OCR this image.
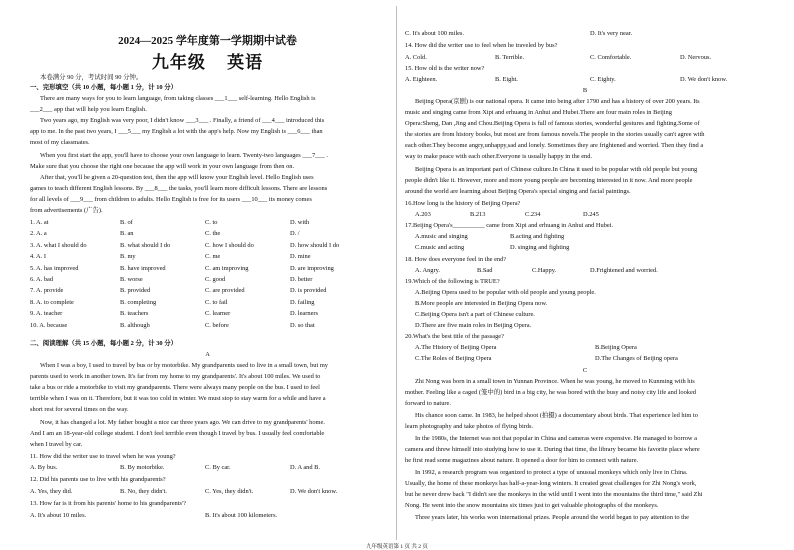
2024—2025 学年度第一学期期中试卷
九年级 英语
本卷满分 90 分，考试时间 90 分钟。
一、完形填空（共 10 小题，每小题 1 分，计 10 分）
There are many ways for you to learn language, from taking classes ___1___ self-learning. Hello English is
___2___ app that will help you learn English.
Two years ago, my English was very poor, I didn't know ___3___ . Finally, a friend of ___4___ introduced this
app to me. In the past two years, I ___5___ my English a lot with the app's help. Now my English is ___6___ than
most of my classmates.
When you first start the app, you'll have to choose your own language to learn. Twenty-two languages ___7___ .
Make sure that you choose the right one because the app will work in your own language from then on.
After that, you'll be given a 20-question test, then the app will know your English level. Hello English uses
games to teach different English lessons. By ___8___ the tasks, you'll learn more difficult lessons. There are lessons
for all levels of ___9___ from children to adults. Hello English is free for its users ___10___ its money comes
from advertisements (广告).
1. A. at	B. of	C. to	D. with
2. A. a	B. an	C. the	D. /
3. A. what I should do	B. what should I do	C. how I should do	D. how should I do
4. A. I	B. my	C. me	D. mine
5. A. has improved	B. have improved	C. am improving	D. are improving
6. A. bad	B. worse	C. good	D. better
7. A. provide	B. provided	C. are provided	D. is provided
8. A. to complete	B. completing	C. to fail	D. failing
9. A. teacher	B. teachers	C. learner	D. learners
10. A. because	B. although	C. before	D. so that
二、阅读理解（共 15 小题，每小题 2 分，计 30 分）
A
When I was a boy, I used to travel by bus or by motorbike. My grandparents used to live in a small town, but my
parents used to work in another town. It's far from my home to my grandparents'. It's about 100 miles. We used to
take a bus or ride a motorbike to visit my grandparents. There were always many people on the bus. I used to feel
terrible when I was on it. Therefore, but it was too cold in winter. We must stop to stay warm for a while and have a
short rest for several times on the way.
Now, it has changed a lot. My father bought a nice car three years ago. We can drive to my grandparents' home.
And I am an 18-year-old college student. I don't feel terrible even though I travel by bus. I usually feel comfortable
when I travel by car.
11. How did the writer use to travel when he was young?
A. By bus.	B. By motorbike.	C. By car.	D. A and B.
12. Did his parents use to live with his grandparents?
A. Yes, they did.	B. No, they didn't.	C. Yes, they didn't.	D. We don't know.
13. How far is it from his parents' home to his grandparents'?
A. It's about 10 miles.	B. It's about 100 kilometers.
C. It's about 100 miles.	D. It's very near.
14. How did the writer use to feel when he traveled by bus?
A. Cold.	B. Terrible.	C. Comfortable.	D. Nervous.
15. How old is the writer now?
A. Eighteen.	B. Eight.	C. Eighty.	D. We don't know.
B
Beijing Opera(京剧) is our national opera. It came into being after 1790 and has a history of over 200 years. Its
music and singing came from Xipi and erhuang in Anhui and Hubei.There are four main roles in Beijing
Opera:Sheng, Dan ,Jing and Chou.Beijing Opera is full of famous stories, wonderful gestures and fighting.Some of
the stories are from history books, but most are from famous novels.The people in the stories usually can't agree with
each other.They become angry,unhappy,sad and lonely. Sometimes they are frightened and worried. Then they find a
way to make peace with each other.Everyone is usually happy in the end.
Beijing Opera is an important part of Chinese culture.In China it used to be popular with old people but young
people didn't like it. However, more and more young people are becoming interested in it now. And more people
around the world are learning about Beijing Opera's special singing and facial paintings.
16.How long is the history of Beijing Opera?
A.203	B.213	C.234	D.245
17.Beijing Opera's__________ came from Xipi and erhuang in Anhui and Hubei.
A.music and singing	B.acting and fighting
C.music and acting	D. singing and fighting
18. How does everyone feel in the end?
A. Angry.	B.Sad	C.Happy.	D.Frightened and worried.
19.Which of the following is TRUE?
A.Beijing Opera used to be popular with old people and young people.
B.More people are interested in Beijing Opera now.
C.Beijing Opera isn't a part of Chinese culture.
D.There are five main roles in Beijing Opera.
20.What's the best title of the passage?
A.The History of Beijing Opera	B.Beijing Opera
C.The Roles of Beijing Opera	D.The Changes of Beijing opera
C
Zhi Nong was born in a small town in Yunnan Province. When he was young, he moved to Kunming with his
mother. Feeling like a caged (笼中的) bird in a big city, he was bored with the busy and noisy city life and looked
forward to nature.
His chance soon came. In 1983, he helped shoot (拍摄) a documentary about birds. That experience led him to
learn photography and take photos of flying birds.
In the 1980s, the Internet was not that popular in China and cameras were expensive. He managed to borrow a
camera and threw himself into studying how to use it. During that time, the library became his favorite place where
he first read some magazines about nature. It opened a door for him to connect with nature.
In 1992, a research program was organized to protect a type of unusual monkeys which only live in China.
Usually, the home of these monkeys has half-a-year-long winters. It created great challenges for Zhi Nong's work,
but he never drew back "I didn't see the monkeys in the wild until I went into the mountains the third time," said Zhi
Nong. He went into the snow mountains six times just to get valuable photographs of the monkeys.
Three years later, his works won international prizes. People around the world began to pay attention to the
九年级英语第 1 页 共 2 页
